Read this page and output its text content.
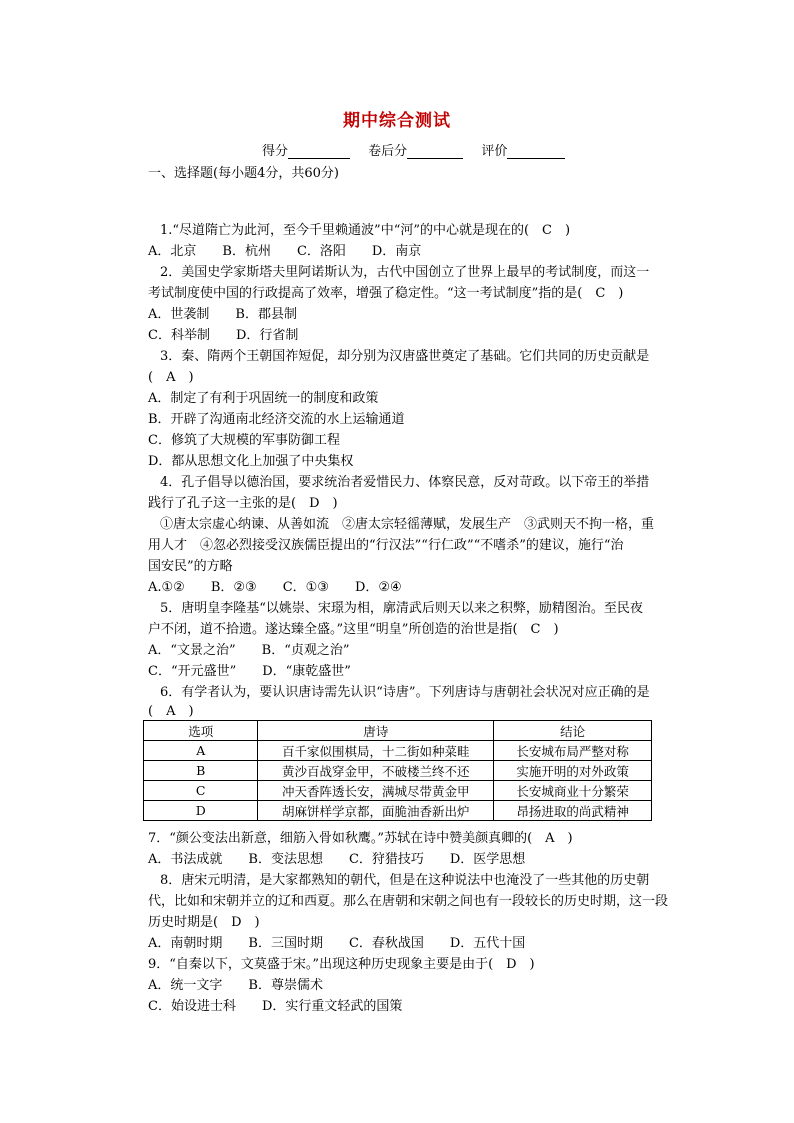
期中综合测试
得分	卷后分	评价
一、选择题(每小题4分，共60分)
1.“尽道隋亡为此河，至今千里赖通波”中“河”的中心就是现在的(　C　)
A．北京　　B．杭州　　C．洛阳　　D．南京
2．美国史学家斯塔夫里阿诺斯认为，古代中国创立了世界上最早的考试制度，而这一
考试制度使中国的行政提高了效率，增强了稳定性。“这一考试制度”指的是(　C　)
A．世袭制　　B．郡县制
C．科举制　　D．行省制
3．秦、隋两个王朝国祚短促，却分别为汉唐盛世奠定了基础。它们共同的历史贡献是
(　A　)
A．制定了有利于巩固统一的制度和政策
B．开辟了沟通南北经济交流的水上运输通道
C．修筑了大规模的军事防御工程
D．都从思想文化上加强了中央集权
4．孔子倡导以德治国，要求统治者爱惜民力、体察民意，反对苛政。以下帝王的举措
践行了孔子这一主张的是(　D　)
①唐太宗虚心纳谏、从善如流　②唐太宗轻徭薄赋，发展生产　③武则天不拘一格，重
用人才　④忽必烈接受汉族儒臣提出的“行汉法”“行仁政”“不嗜杀”的建议，施行“治
国安民”的方略
A.①②　　B．②③　　C．①③　　D．②④
5．唐明皇李隆基“以姚崇、宋璟为相，廓清武后则天以来之积弊，励精图治。至民夜
户不闭，道不拾遗。遂达臻全盛。”这里“明皇”所创造的治世是指(　C　)
A．“文景之治”　　B．“贞观之治”
C．“开元盛世”　　D．“康乾盛世”
6．有学者认为，要认识唐诗需先认识“诗唐”。下列唐诗与唐朝社会状况对应正确的是
(　A　)
选项	唐诗	结论
A	百千家似围棋局，十二街如种菜畦	长安城布局严整对称
B	黄沙百战穿金甲，不破楼兰终不还	实施开明的对外政策
C	冲天香阵透长安，满城尽带黄金甲	长安城商业十分繁荣
D	胡麻饼样学京都，面脆油香新出炉	昂扬进取的尚武精神
7．“颜公变法出新意，细筋入骨如秋鹰。”苏轼在诗中赞美颜真卿的(　A　)
A．书法成就　　B．变法思想　　C．狩猎技巧　　D．医学思想
8．唐宋元明清，是大家都熟知的朝代，但是在这种说法中也淹没了一些其他的历史朝
代，比如和宋朝并立的辽和西夏。那么在唐朝和宋朝之间也有一段较长的历史时期，这一段
历史时期是(　D　)
A．南朝时期　　B．三国时期　　C．春秋战国　　D．五代十国
9．“自秦以下，文莫盛于宋。”出现这种历史现象主要是由于(　D　)
A．统一文字　　B．尊崇儒术
C．始设进士科　　D．实行重文轻武的国策
